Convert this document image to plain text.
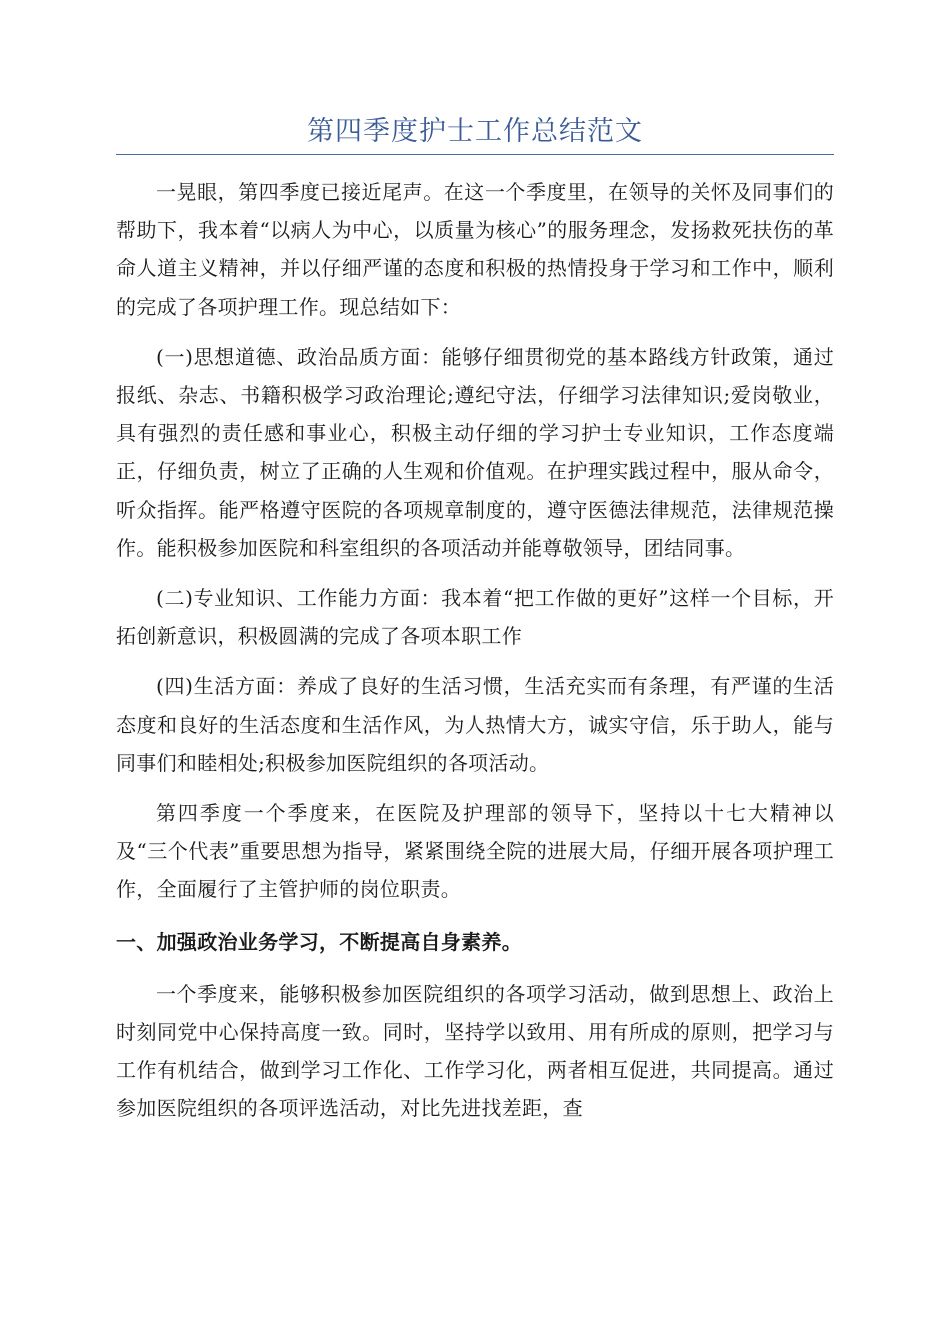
第四季度护士工作总结范文

一晃眼，第四季度已接近尾声。在这一个季度里，在领导的关怀及同事们的帮助下，我本着“以病人为中心，以质量为核心”的服务理念，发扬救死扶伤的革命人道主义精神，并以仔细严谨的态度和积极的热情投身于学习和工作中，顺利的完成了各项护理工作。现总结如下：

(一)思想道德、政治品质方面：能够仔细贯彻党的基本路线方针政策，通过报纸、杂志、书籍积极学习政治理论;遵纪守法，仔细学习法律知识;爱岗敬业，具有强烈的责任感和事业心，积极主动仔细的学习护士专业知识，工作态度端正，仔细负责，树立了正确的人生观和价值观。在护理实践过程中，服从命令，听众指挥。能严格遵守医院的各项规章制度的，遵守医德法律规范，法律规范操作。能积极参加医院和科室组织的各项活动并能尊敬领导，团结同事。

(二)专业知识、工作能力方面：我本着“把工作做的更好”这样一个目标，开拓创新意识，积极圆满的完成了各项本职工作

(四)生活方面：养成了良好的生活习惯，生活充实而有条理，有严谨的生活态度和良好的生活态度和生活作风，为人热情大方，诚实守信，乐于助人，能与同事们和睦相处;积极参加医院组织的各项活动。

第四季度一个季度来，在医院及护理部的领导下，坚持以十七大精神以及“三个代表”重要思想为指导，紧紧围绕全院的进展大局，仔细开展各项护理工作，全面履行了主管护师的岗位职责。

一、加强政治业务学习，不断提高自身素养。

一个季度来，能够积极参加医院组织的各项学习活动，做到思想上、政治上时刻同党中心保持高度一致。同时，坚持学以致用、用有所成的原则，把学习与工作有机结合，做到学习工作化、工作学习化，两者相互促进，共同提高。通过参加医院组织的各项评选活动，对比先进找差距，查
